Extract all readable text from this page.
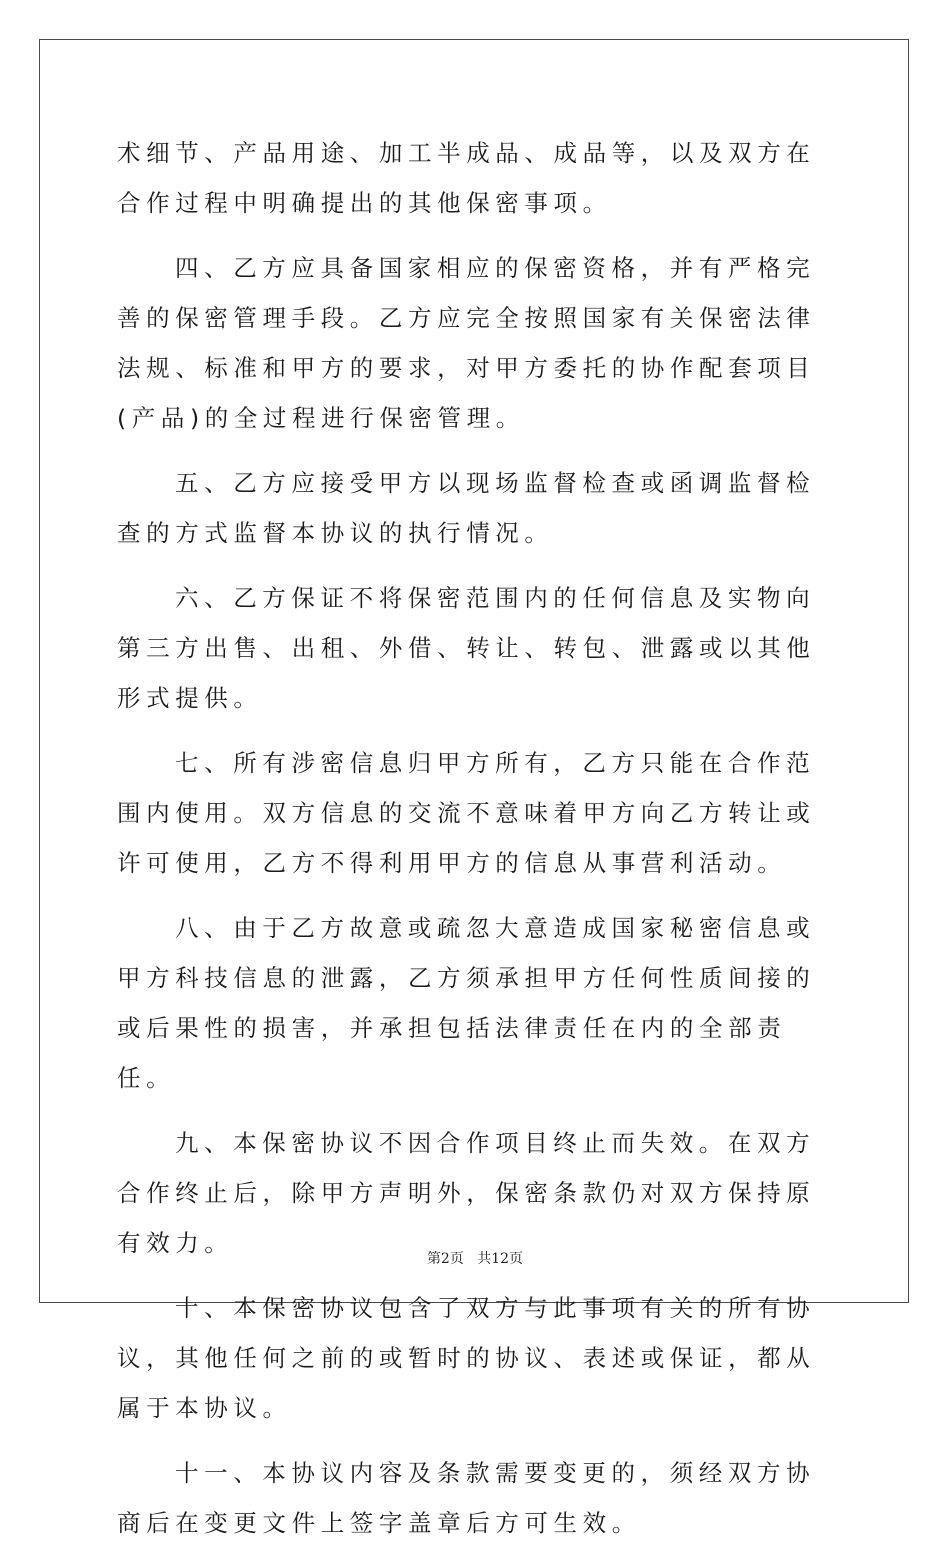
术细节、产品用途、加工半成品、成品等，以及双方在合作过程中明确提出的其他保密事项。

四、乙方应具备国家相应的保密资格，并有严格完善的保密管理手段。乙方应完全按照国家有关保密法律法规、标准和甲方的要求，对甲方委托的协作配套项目(产品)的全过程进行保密管理。

五、乙方应接受甲方以现场监督检查或函调监督检查的方式监督本协议的执行情况。

六、乙方保证不将保密范围内的任何信息及实物向第三方出售、出租、外借、转让、转包、泄露或以其他形式提供。

七、所有涉密信息归甲方所有，乙方只能在合作范围内使用。双方信息的交流不意味着甲方向乙方转让或许可使用，乙方不得利用甲方的信息从事营利活动。

八、由于乙方故意或疏忽大意造成国家秘密信息或甲方科技信息的泄露，乙方须承担甲方任何性质间接的或后果性的损害，并承担包括法律责任在内的全部责任。

九、本保密协议不因合作项目终止而失效。在双方合作终止后，除甲方声明外，保密条款仍对双方保持原有效力。

十、本保密协议包含了双方与此事项有关的所有协议，其他任何之前的或暂时的协议、表述或保证，都从属于本协议。

十一、本协议内容及条款需要变更的，须经双方协商后在变更文件上签字盖章后方可生效。

第2页 共12页
